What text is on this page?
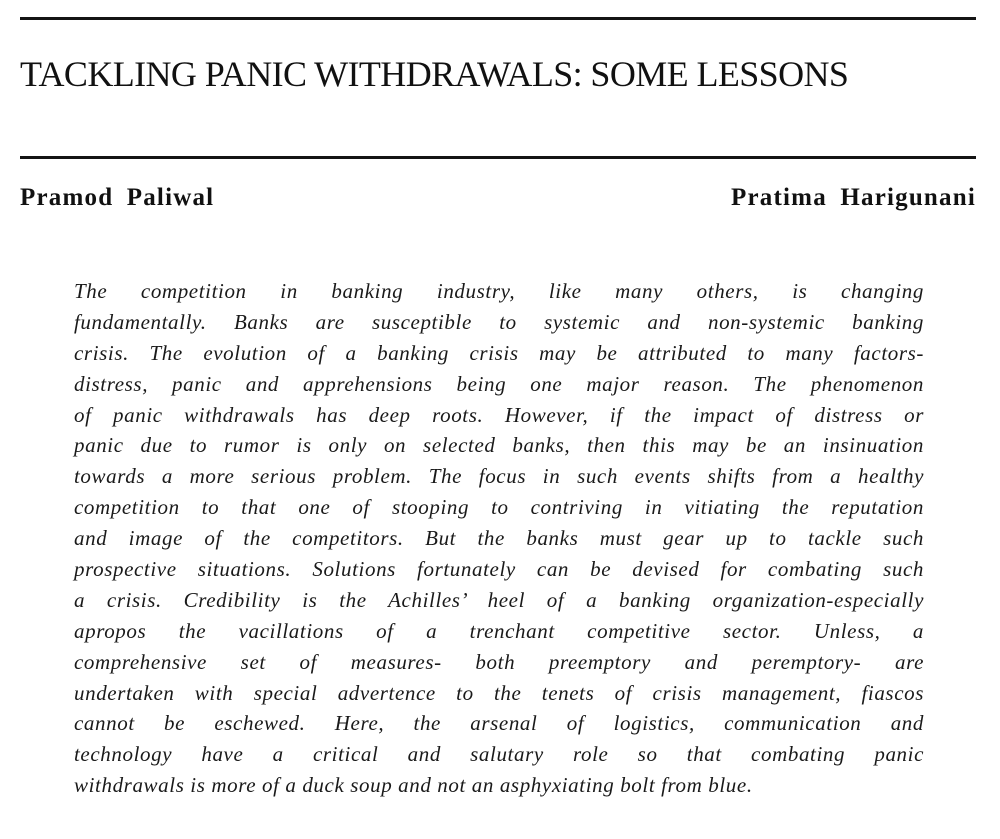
TACKLING PANIC WITHDRAWALS: SOME LESSONS

Pramod Paliwal	Pratima Harigunani

The competition in banking industry, like many others, is changing
fundamentally. Banks are susceptible to systemic and non-systemic banking
crisis. The evolution of a banking crisis may be attributed to many factors-
distress, panic and apprehensions being one major reason. The phenomenon
of panic withdrawals has deep roots. However, if the impact of distress or
panic due to rumor is only on selected banks, then this may be an insinuation
towards a more serious problem. The focus in such events shifts from a healthy
competition to that one of stooping to contriving in vitiating the reputation
and image of the competitors. But the banks must gear up to tackle such
prospective situations. Solutions fortunately can be devised for combating such
a crisis. Credibility is the Achilles’ heel of a banking organization-especially
apropos the vacillations of a trenchant competitive sector. Unless, a
comprehensive set of measures- both preemptory and peremptory- are
undertaken with special advertence to the tenets of crisis management, fiascos
cannot be eschewed. Here, the arsenal of logistics, communication and
technology have a critical and salutary role so that combating panic
withdrawals is more of a duck soup and not an asphyxiating bolt from blue.
